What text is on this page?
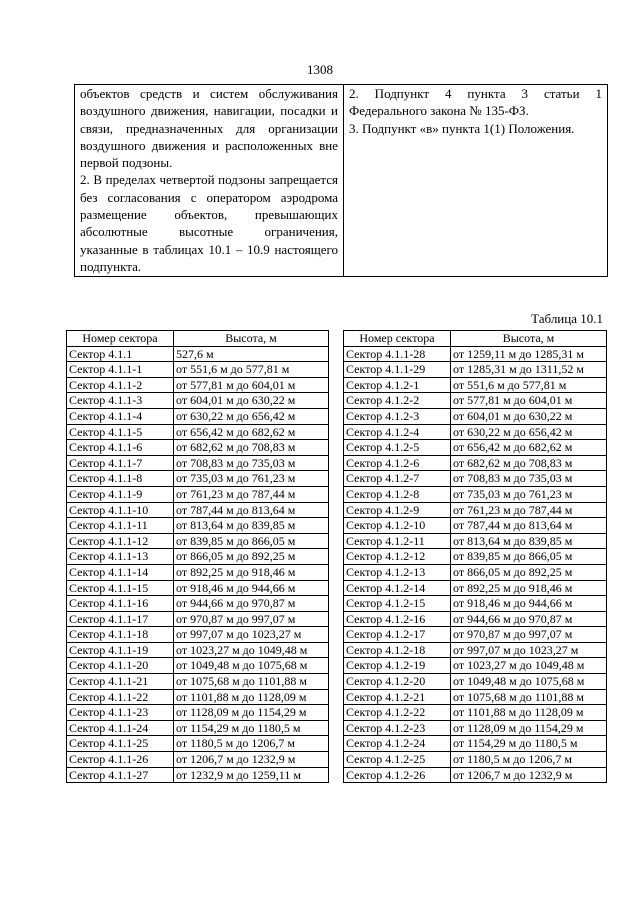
1308

объектов средств и систем обслуживания воздушного движения, навигации, посадки и связи, предназначенных для организации воздушного движения и расположенных вне первой подзоны.

2. В пределах четвертой подзоны запрещается без согласования с оператором аэродрома размещение объектов, превышающих абсолютные высотные ограничения, указанные в таблицах 10.1 – 10.9 настоящего подпункта.

2. Подпункт 4 пункта 3 статьи 1 Федерального закона № 135-ФЗ.

3. Подпункт «в» пункта 1(1) Положения.

Таблица 10.1
Номер сектора	Высота, м
Сектор 4.1.1	527,6 м
Сектор 4.1.1-1	от 551,6 м до 577,81 м
Сектор 4.1.1-2	от 577,81 м до 604,01 м
Сектор 4.1.1-3	от 604,01 м до 630,22 м
Сектор 4.1.1-4	от 630,22 м до 656,42 м
Сектор 4.1.1-5	от 656,42 м до 682,62 м
Сектор 4.1.1-6	от 682,62 м до 708,83 м
Сектор 4.1.1-7	от 708,83 м до 735,03 м
Сектор 4.1.1-8	от 735,03 м до 761,23 м
Сектор 4.1.1-9	от 761,23 м до 787,44 м
Сектор 4.1.1-10	от 787,44 м до 813,64 м
Сектор 4.1.1-11	от 813,64 м до 839,85 м
Сектор 4.1.1-12	от 839,85 м до 866,05 м
Сектор 4.1.1-13	от 866,05 м до 892,25 м
Сектор 4.1.1-14	от 892,25 м до 918,46 м
Сектор 4.1.1-15	от 918,46 м до 944,66 м
Сектор 4.1.1-16	от 944,66 м до 970,87 м
Сектор 4.1.1-17	от 970,87 м до 997,07 м
Сектор 4.1.1-18	от 997,07 м до 1023,27 м
Сектор 4.1.1-19	от 1023,27 м до 1049,48 м
Сектор 4.1.1-20	от 1049,48 м до 1075,68 м
Сектор 4.1.1-21	от 1075,68 м до 1101,88 м
Сектор 4.1.1-22	от 1101,88 м до 1128,09 м
Сектор 4.1.1-23	от 1128,09 м до 1154,29 м
Сектор 4.1.1-24	от 1154,29 м до 1180,5 м
Сектор 4.1.1-25	от 1180,5 м до 1206,7 м
Сектор 4.1.1-26	от 1206,7 м до 1232,9 м
Сектор 4.1.1-27	от 1232,9 м до 1259,11 м
Номер сектора	Высота, м
Сектор 4.1.1-28	от 1259,11 м до 1285,31 м
Сектор 4.1.1-29	от 1285,31 м до 1311,52 м
Сектор 4.1.2-1	от 551,6 м до 577,81 м
Сектор 4.1.2-2	от 577,81 м до 604,01 м
Сектор 4.1.2-3	от 604,01 м до 630,22 м
Сектор 4.1.2-4	от 630,22 м до 656,42 м
Сектор 4.1.2-5	от 656,42 м до 682,62 м
Сектор 4.1.2-6	от 682,62 м до 708,83 м
Сектор 4.1.2-7	от 708,83 м до 735,03 м
Сектор 4.1.2-8	от 735,03 м до 761,23 м
Сектор 4.1.2-9	от 761,23 м до 787,44 м
Сектор 4.1.2-10	от 787,44 м до 813,64 м
Сектор 4.1.2-11	от 813,64 м до 839,85 м
Сектор 4.1.2-12	от 839,85 м до 866,05 м
Сектор 4.1.2-13	от 866,05 м до 892,25 м
Сектор 4.1.2-14	от 892,25 м до 918,46 м
Сектор 4.1.2-15	от 918,46 м до 944,66 м
Сектор 4.1.2-16	от 944,66 м до 970,87 м
Сектор 4.1.2-17	от 970,87 м до 997,07 м
Сектор 4.1.2-18	от 997,07 м до 1023,27 м
Сектор 4.1.2-19	от 1023,27 м до 1049,48 м
Сектор 4.1.2-20	от 1049,48 м до 1075,68 м
Сектор 4.1.2-21	от 1075,68 м до 1101,88 м
Сектор 4.1.2-22	от 1101,88 м до 1128,09 м
Сектор 4.1.2-23	от 1128,09 м до 1154,29 м
Сектор 4.1.2-24	от 1154,29 м до 1180,5 м
Сектор 4.1.2-25	от 1180,5 м до 1206,7 м
Сектор 4.1.2-26	от 1206,7 м до 1232,9 м
